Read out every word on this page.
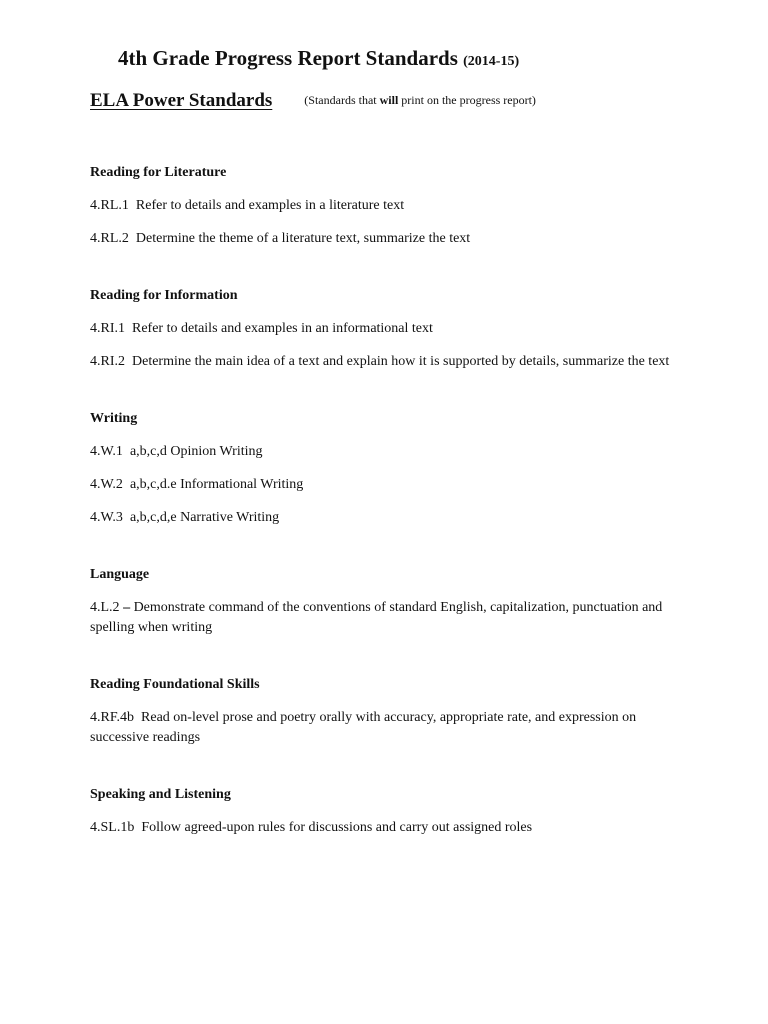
4th Grade Progress Report Standards (2014-15)
ELA Power Standards	(Standards that will print on the progress report)
Reading for Literature

4.RL.1 Refer to details and examples in a literature text

4.RL.2 Determine the theme of a literature text, summarize the text

Reading for Information

4.RI.1 Refer to details and examples in an informational text

4.RI.2 Determine the main idea of a text and explain how it is supported by details, summarize the text

Writing

4.W.1 a,b,c,d Opinion Writing

4.W.2 a,b,c,d.e Informational Writing

4.W.3 a,b,c,d,e Narrative Writing

Language

4.L.2 – Demonstrate command of the conventions of standard English, capitalization, punctuation and spelling when writing

Reading Foundational Skills

4.RF.4b Read on-level prose and poetry orally with accuracy, appropriate rate, and expression on successive readings

Speaking and Listening

4.SL.1b Follow agreed-upon rules for discussions and carry out assigned roles
